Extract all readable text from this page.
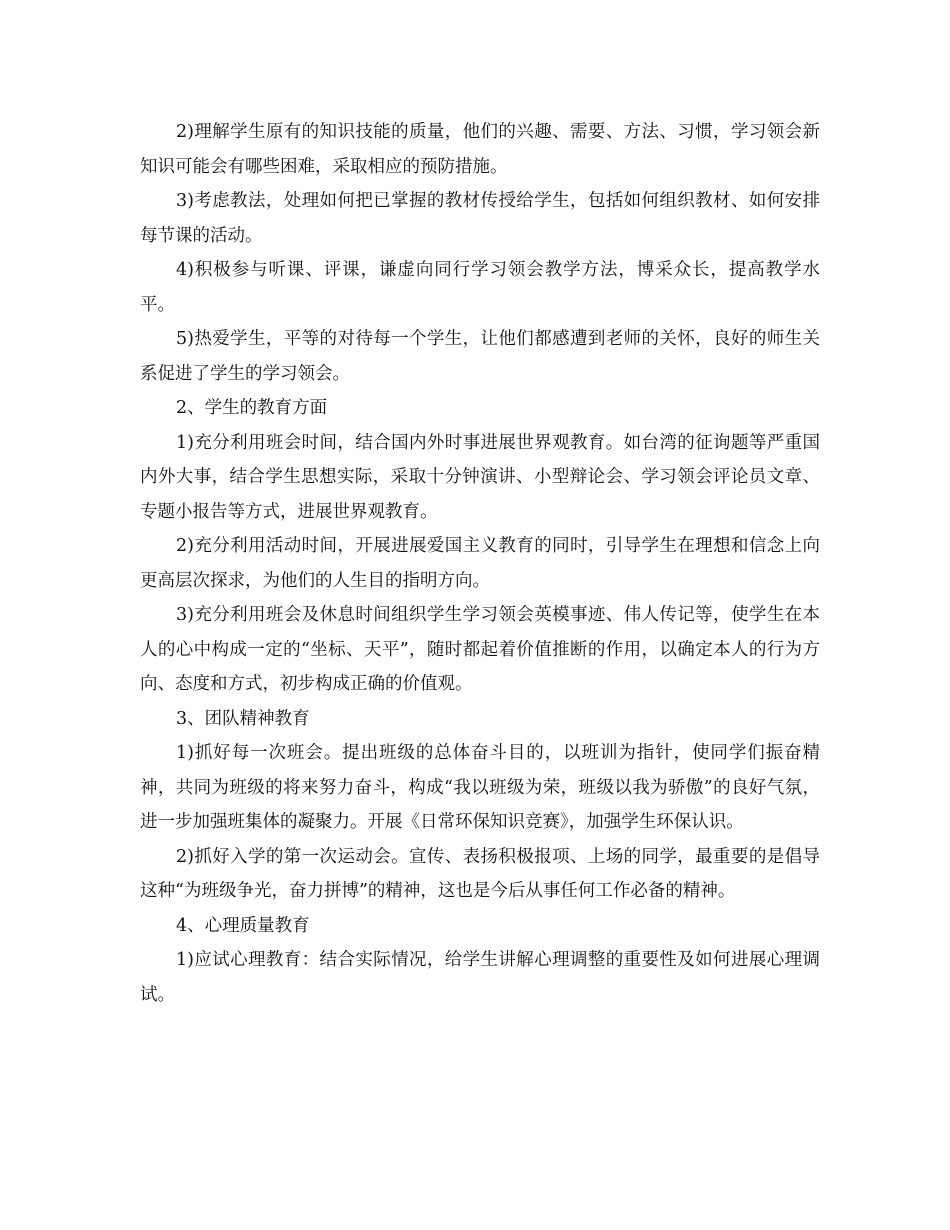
2)理解学生原有的知识技能的质量，他们的兴趣、需要、方法、习惯，学习领会新知识可能会有哪些困难，采取相应的预防措施。

3)考虑教法，处理如何把已掌握的教材传授给学生，包括如何组织教材、如何安排每节课的活动。

4)积极参与听课、评课，谦虚向同行学习领会教学方法，博采众长，提高教学水平。

5)热爱学生，平等的对待每一个学生，让他们都感遭到老师的关怀，良好的师生关系促进了学生的学习领会。

2、学生的教育方面

1)充分利用班会时间，结合国内外时事进展世界观教育。如台湾的征询题等严重国内外大事，结合学生思想实际，采取十分钟演讲、小型辩论会、学习领会评论员文章、专题小报告等方式，进展世界观教育。

2)充分利用活动时间，开展进展爱国主义教育的同时，引导学生在理想和信念上向更高层次探求，为他们的人生目的指明方向。

3)充分利用班会及休息时间组织学生学习领会英模事迹、伟人传记等，使学生在本人的心中构成一定的“坐标、天平”，随时都起着价值推断的作用，以确定本人的行为方向、态度和方式，初步构成正确的价值观。

3、团队精神教育

1)抓好每一次班会。提出班级的总体奋斗目的，以班训为指针，使同学们振奋精神，共同为班级的将来努力奋斗，构成“我以班级为荣，班级以我为骄傲”的良好气氛，进一步加强班集体的凝聚力。开展《日常环保知识竞赛》，加强学生环保认识。

2)抓好入学的第一次运动会。宣传、表扬积极报项、上场的同学，最重要的是倡导这种“为班级争光，奋力拼博”的精神，这也是今后从事任何工作必备的精神。

4、心理质量教育

1)应试心理教育：结合实际情况，给学生讲解心理调整的重要性及如何进展心理调试。
